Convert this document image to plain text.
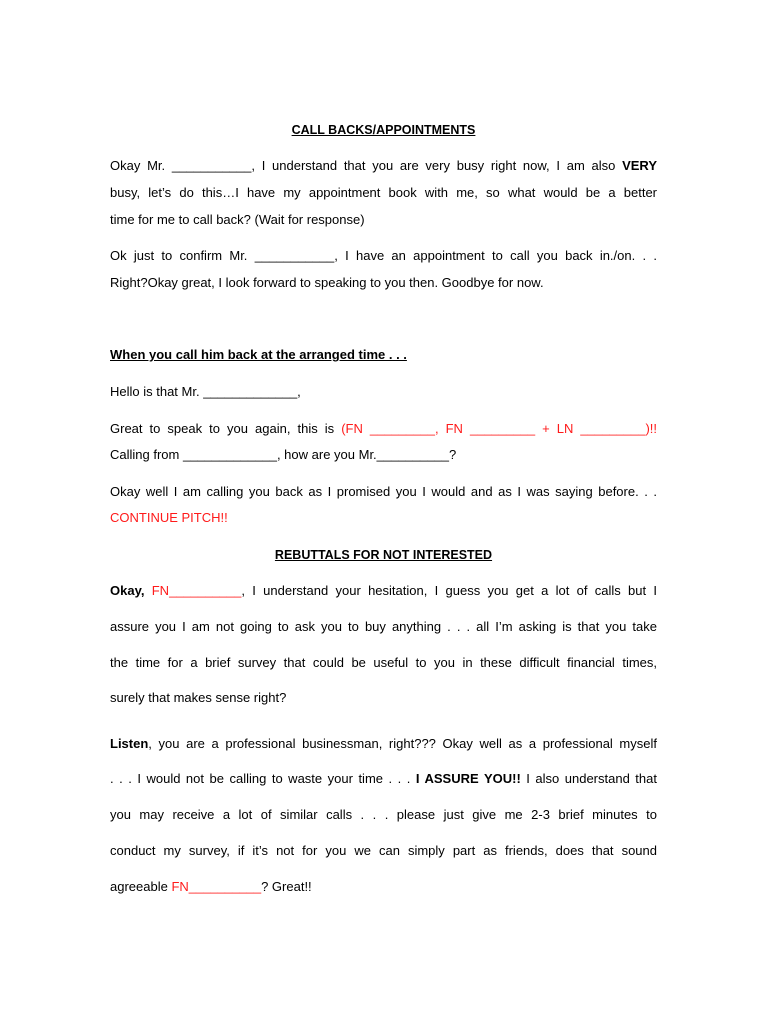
CALL BACKS/APPOINTMENTS
Okay Mr. ___________, I understand that you are very busy right now, I am also VERY
busy, let’s do this…I have my appointment book with me, so what would be a better
time for me to call back? (Wait for response)
Ok just to confirm Mr. ___________, I have an appointment to call you back in./on. . .
Right?Okay great, I look forward to speaking to you then. Goodbye for now.
When you call him back at the arranged time . . .
Hello is that Mr. _____________,
Great to speak to you again, this is (FN _________, FN _________ + LN _________)!!
Calling from _____________, how are you Mr.__________?
Okay well I am calling you back as I promised you I would and as I was saying before. . .
CONTINUE PITCH!!
REBUTTALS FOR NOT INTERESTED
Okay, FN__________, I understand your hesitation, I guess you get a lot of calls but I
assure you I am not going to ask you to buy anything . . . all I’m asking is that you take
the time for a brief survey that could be useful to you in these difficult financial times,
surely that makes sense right?
Listen, you are a professional businessman, right??? Okay well as a professional myself
. . . I would not be calling to waste your time . . . I ASSURE YOU!! I also understand that
you may receive a lot of similar calls . . . please just give me 2-3 brief minutes to
conduct my survey, if it’s not for you we can simply part as friends, does that sound
agreeable FN__________? Great!!
